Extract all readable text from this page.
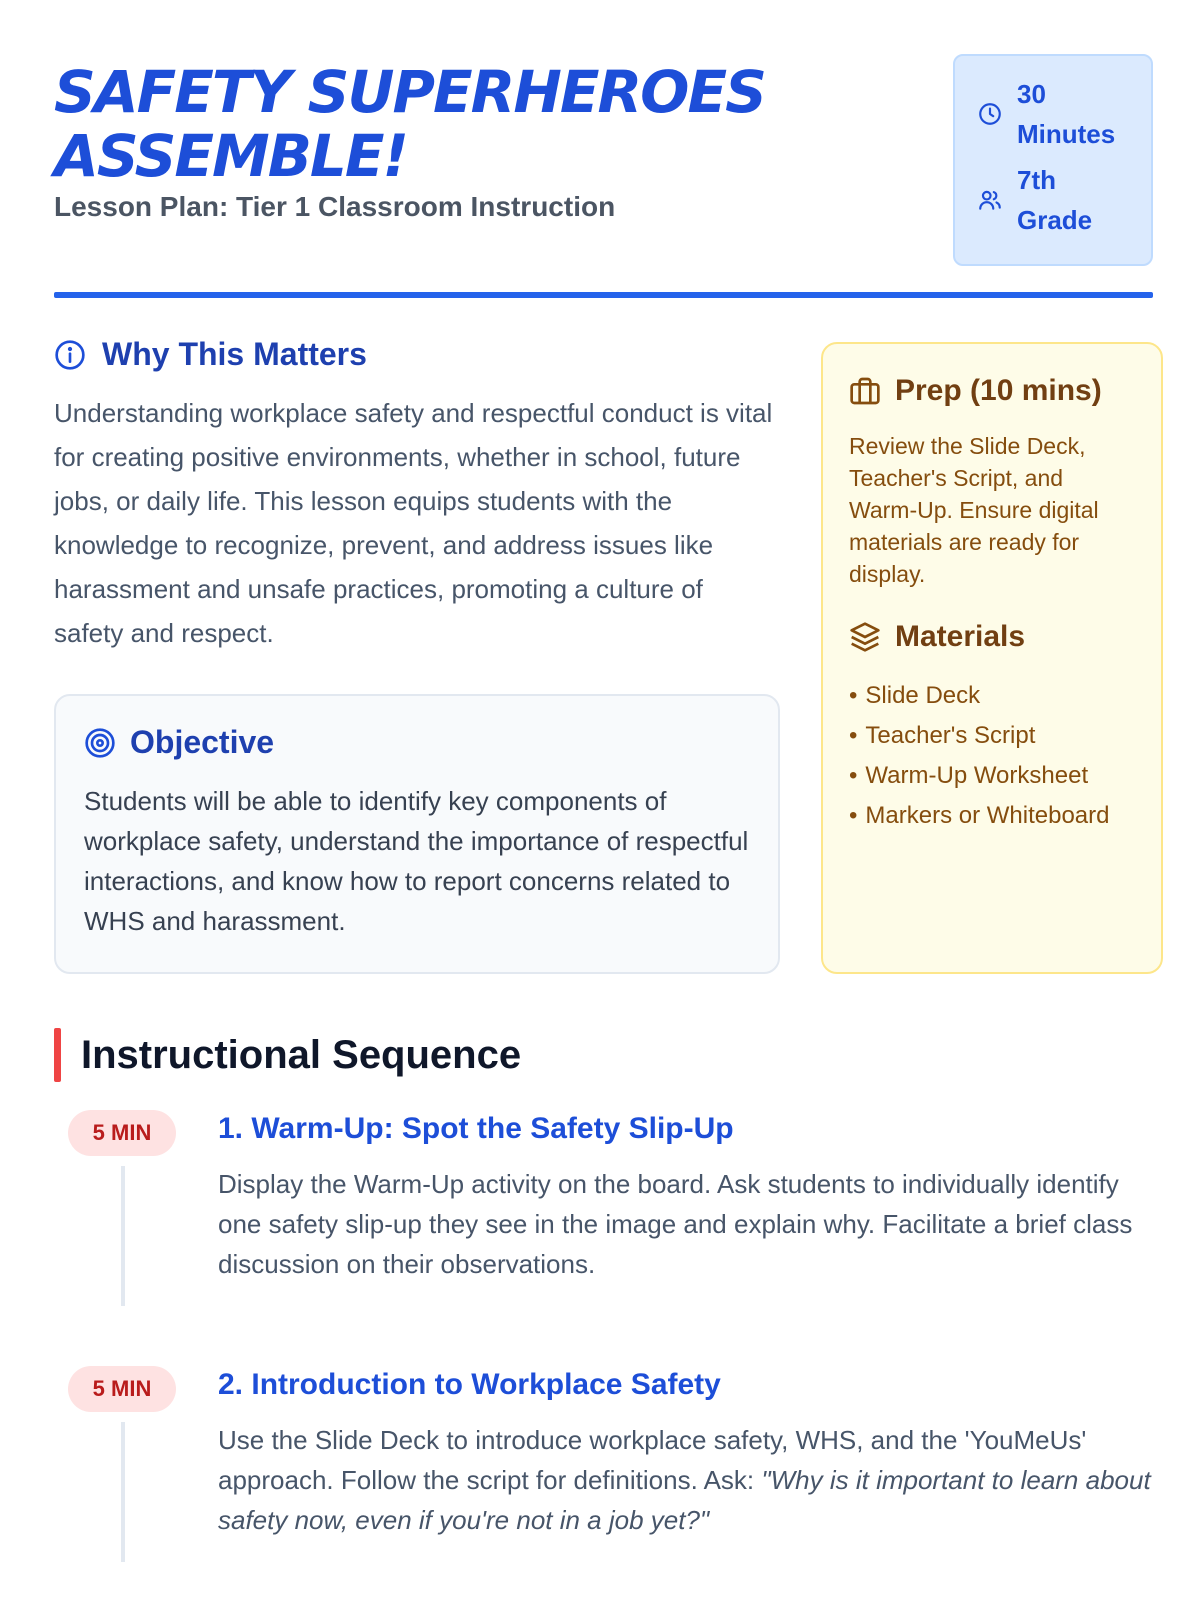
SAFETY SUPERHEROES ASSEMBLE!
Lesson Plan: Tier 1 Classroom Instruction
30 Minutes
7th Grade
Why This Matters

Understanding workplace safety and respectful conduct is vital for creating positive environments, whether in school, future jobs, or daily life. This lesson equips students with the knowledge to recognize, prevent, and address issues like harassment and unsafe practices, promoting a culture of safety and respect.

Objective

Students will be able to identify key components of workplace safety, understand the importance of respectful interactions, and know how to report concerns related to WHS and harassment.

Prep (10 mins)

Review the Slide Deck, Teacher's Script, and Warm-Up. Ensure digital materials are ready for display.

Materials
• Slide Deck
• Teacher's Script
• Warm-Up Worksheet
• Markers or Whiteboard
Instructional Sequence
5 MIN	1. Warm-Up: Spot the Safety Slip-Up

Display the Warm-Up activity on the board. Ask students to individually identify one safety slip-up they see in the image and explain why. Facilitate a brief class discussion on their observations.

5 MIN	2. Introduction to Workplace Safety

Use the Slide Deck to introduce workplace safety, WHS, and the 'YouMeUs' approach. Follow the script for definitions. Ask: "Why is it important to learn about safety now, even if you're not in a job yet?"
